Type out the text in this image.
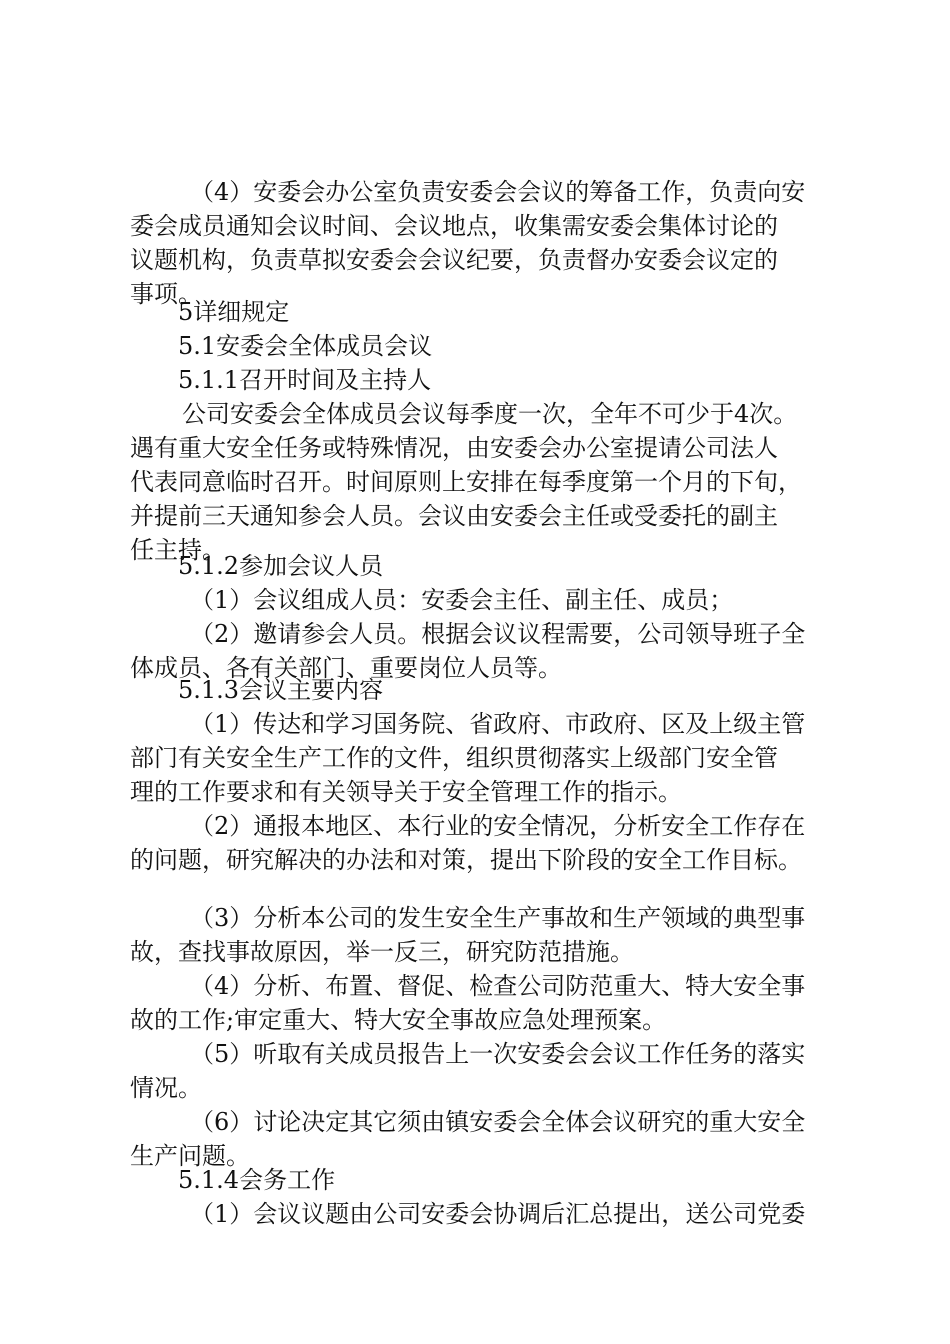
（4）安委会办公室负责安委会会议的筹备工作，负责向安
委会成员通知会议时间、会议地点，收集需安委会集体讨论的
议题机构，负责草拟安委会会议纪要，负责督办安委会议定的
事项。
5详细规定
5.1安委会全体成员会议
5.1.1召开时间及主持人
公司安委会全体成员会议每季度一次，全年不可少于4次。
遇有重大安全任务或特殊情况，由安委会办公室提请公司法人
代表同意临时召开。时间原则上安排在每季度第一个月的下旬，
并提前三天通知参会人员。会议由安委会主任或受委托的副主
任主持。
5.1.2参加会议人员
（1）会议组成人员：安委会主任、副主任、成员；
（2）邀请参会人员。根据会议议程需要，公司领导班子全
体成员、各有关部门、重要岗位人员等。
5.1.3会议主要内容
（1）传达和学习国务院、省政府、市政府、区及上级主管
部门有关安全生产工作的文件，组织贯彻落实上级部门安全管
理的工作要求和有关领导关于安全管理工作的指示。
（2）通报本地区、本行业的安全情况，分析安全工作存在
的问题，研究解决的办法和对策，提出下阶段的安全工作目标。
（3）分析本公司的发生安全生产事故和生产领域的典型事
故，查找事故原因，举一反三，研究防范措施。
（4）分析、布置、督促、检查公司防范重大、特大安全事
故的工作;审定重大、特大安全事故应急处理预案。
（5）听取有关成员报告上一次安委会会议工作任务的落实
情况。
（6）讨论决定其它须由镇安委会全体会议研究的重大安全
生产问题。
5.1.4会务工作
（1）会议议题由公司安委会协调后汇总提出，送公司党委
